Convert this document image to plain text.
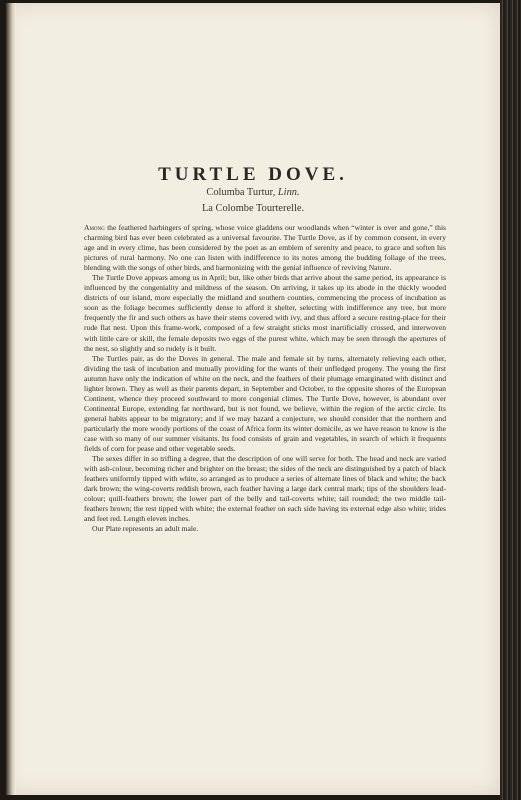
TURTLE DOVE.

Columba Turtur, Linn.

La Colombe Tourterelle.

Among the feathered harbingers of spring, whose voice gladdens our woodlands when “winter is over and gone,” this charming bird has ever been celebrated as a universal favourite. The Turtle Dove, as if by common consent, in every age and in every clime, has been considered by the poet as an emblem of serenity and peace, to grace and soften his pictures of rural harmony. No one can listen with indifference to its notes among the budding foliage of the trees, blending with the songs of other birds, and harmonizing with the genial influence of reviving Nature.

The Turtle Dove appears among us in April; but, like other birds that arrive about the same period, its appearance is influenced by the congeniality and mildness of the season. On arriving, it takes up its abode in the thickly wooded districts of our island, more especially the midland and southern counties, commencing the process of incubation as soon as the foliage becomes sufficiently dense to afford it shelter, selecting with indifference any tree, but more frequently the fir and such others as have their stems covered with ivy, and thus afford a secure resting-place for their rude flat nest. Upon this frame-work, composed of a few straight sticks most inartificially crossed, and interwoven with little care or skill, the female deposits two eggs of the purest white, which may be seen through the apertures of the nest, so slightly and so rudely is it built.

The Turtles pair, as do the Doves in general. The male and female sit by turns, alternately relieving each other, dividing the task of incubation and mutually providing for the wants of their unfledged progeny. The young the first autumn have only the indication of white on the neck, and the feathers of their plumage emarginated with distinct and lighter brown. They as well as their parents depart, in September and October, to the opposite shores of the European Continent, whence they proceed southward to more congenial climes. The Turtle Dove, however, is abundant over Continental Europe, extending far northward, but is not found, we believe, within the region of the arctic circle. Its general habits appear to be migratory; and if we may hazard a conjecture, we should consider that the northern and particularly the more woody portions of the coast of Africa form its winter domicile, as we have reason to know is the case with so many of our summer visitants. Its food consists of grain and vegetables, in search of which it frequents fields of corn for pease and other vegetable seeds.

The sexes differ in so trifling a degree, that the description of one will serve for both. The head and neck are varied with ash-colour, becoming richer and brighter on the breast; the sides of the neck are distinguished by a patch of black feathers uniformly tipped with white, so arranged as to produce a series of alternate lines of black and white; the back dark brown; the wing-coverts reddish brown, each feather having a large dark central mark; tips of the shoulders lead-colour; quill-feathers brown; the lower part of the belly and tail-coverts white; tail rounded; the two middle tail-feathers brown; the rest tipped with white; the external feather on each side having its external edge also white; irides and feet red. Length eleven inches.

Our Plate represents an adult male.
